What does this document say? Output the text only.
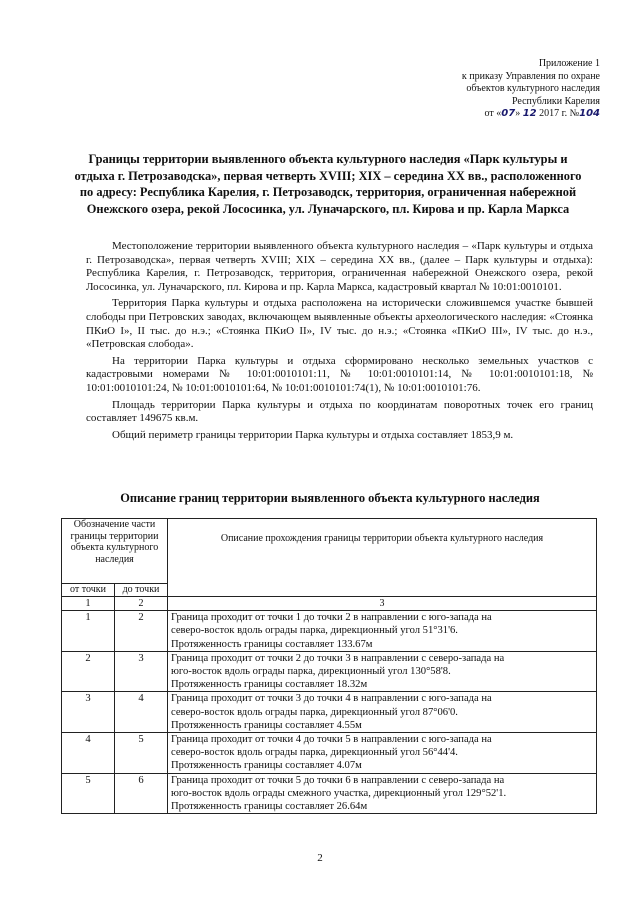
Приложение 1
к приказу Управления по охране
объектов культурного наследия
Республики Карелия
от «07» 12 2017 г. №104
Границы территории выявленного объекта культурного наследия «Парк культуры и отдыха г. Петрозаводска», первая четверть XVIII; XIX – середина XX вв., расположенного по адресу: Республика Карелия, г. Петрозаводск, территория, ограниченная набережной Онежского озера, рекой Лососинка, ул. Луначарского, пл. Кирова и пр. Карла Маркса

Местоположение территории выявленного объекта культурного наследия – «Парк культуры и отдыха г. Петрозаводска», первая четверть XVIII; XIX – середина XX вв., (далее – Парк культуры и отдыха): Республика Карелия, г. Петрозаводск, территория, ограниченная набережной Онежского озера, рекой Лососинка, ул. Луначарского, пл. Кирова и пр. Карла Маркса, кадастровый квартал № 10:01:0010101.

Территория Парка культуры и отдыха расположена на исторически сложившемся участке бывшей слободы при Петровских заводах, включающем выявленные объекты археологического наследия: «Стоянка ПКиО I», II тыс. до н.э.; «Стоянка ПКиО II», IV тыс. до н.э.; «Стоянка «ПКиО III», IV тыс. до н.э., «Петровская слобода».

На территории Парка культуры и отдыха сформировано несколько земельных участков с кадастровыми номерами № 10:01:0010101:11, № 10:01:0010101:14, № 10:01:0010101:18, № 10:01:0010101:24, № 10:01:0010101:64, № 10:01:0010101:74(1), № 10:01:0010101:76.

Площадь территории Парка культуры и отдыха по координатам поворотных точек его границ составляет 149675 кв.м.

Общий периметр границы территории Парка культуры и отдыха составляет 1853,9 м.

Описание границ территории выявленного объекта культурного наследия
Обозначение части границы территории объекта культурного наследия		Описание прохождения границы территории объекта культурного наследия
от точки	до точки	
1	2	3
1	2	Граница проходит от точки 1 до точки 2 в направлении с юго-запада на
северо-восток вдоль ограды парка, дирекционный угол 51°31'6.
Протяженность границы составляет 133.67м

2	3	Граница проходит от точки 2 до точки 3 в направлении с северо-запада на
юго-восток вдоль ограды парка, дирекционный угол 130°58'8.
Протяженность границы составляет 18.32м

3	4	Граница проходит от точки 3 до точки 4 в направлении с юго-запада на
северо-восток вдоль ограды парка, дирекционный угол 87°06'0.
Протяженность границы составляет 4.55м

4	5	Граница проходит от точки 4 до точки 5 в направлении с юго-запада на
северо-восток вдоль ограды парка, дирекционный угол 56°44'4.
Протяженность границы составляет 4.07м

5	6	Граница проходит от точки 5 до точки 6 в направлении с северо-запада на
юго-восток вдоль ограды смежного участка, дирекционный угол 129°52'1.
Протяженность границы составляет 26.64м
2
